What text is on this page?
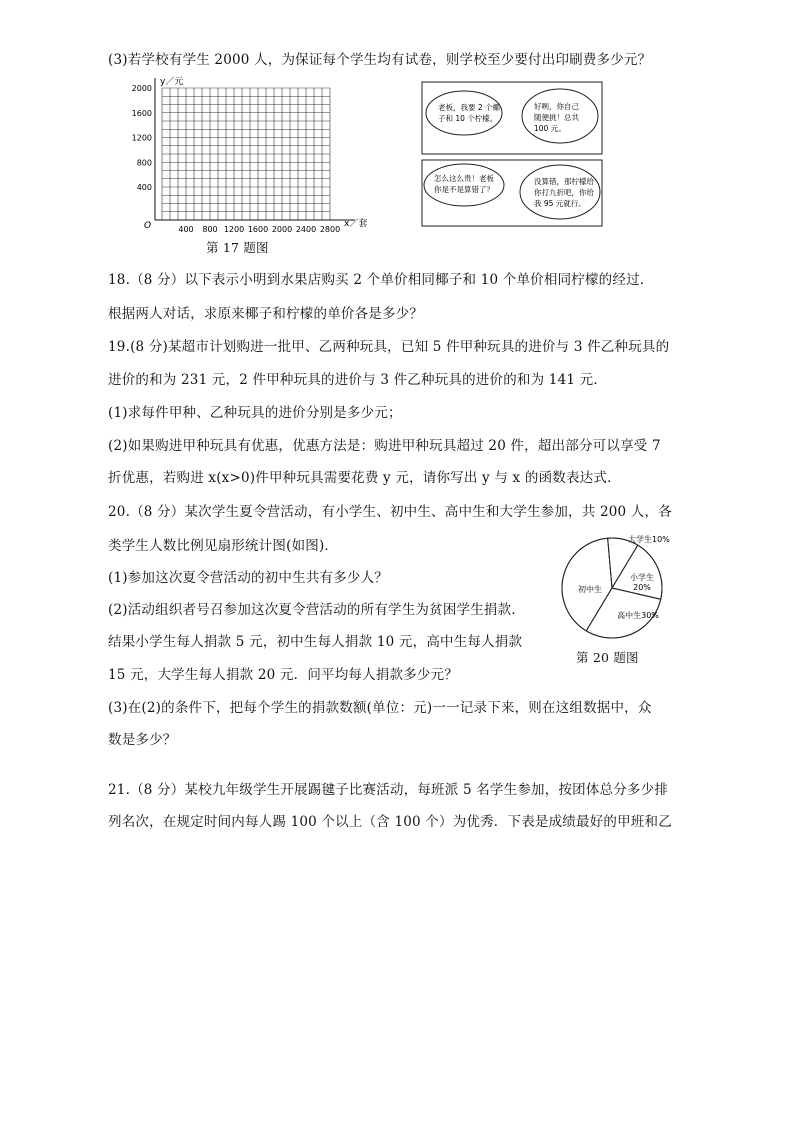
(3)若学校有学生 2000 人，为保证每个学生均有试卷，则学校至少要付出印刷费多少元？
y／元
x／套
O
2000
1600
1200
800
400
400 800 1200 1600 2000 2400 2800
第 17 题图
老板，我要 2 个椰
子和 10 个柠檬。
好咧，你自己
随便挑！总共
100 元。
怎么这么贵！老板
你是不是算错了？
没算错，那柠檬给
你打九折吧，你给
我 95 元就行。
18.（8 分）以下表示小明到水果店购买 2 个单价相同椰子和 10 个单价相同柠檬的经过．
根据两人对话，求原来椰子和柠檬的单价各是多少？
19.(8 分)某超市计划购进一批甲、乙两种玩具，已知 5 件甲种玩具的进价与 3 件乙种玩具的
进价的和为 231 元，2 件甲种玩具的进价与 3 件乙种玩具的进价的和为 141 元．
(1)求每件甲种、乙种玩具的进价分别是多少元；
(2)如果购进甲种玩具有优惠，优惠方法是：购进甲种玩具超过 20 件，超出部分可以享受 7
折优惠，若购进 x(x>0)件甲种玩具需要花费 y 元，请你写出 y 与 x 的函数表达式．
20.（8 分）某次学生夏令营活动，有小学生、初中生、高中生和大学生参加，共 200 人，各
类学生人数比例见扇形统计图(如图)．
(1)参加这次夏令营活动的初中生共有多少人？
(2)活动组织者号召参加这次夏令营活动的所有学生为贫困学生捐款．
结果小学生每人捐款 5 元，初中生每人捐款 10 元，高中生每人捐款
15 元，大学生每人捐款 20 元．问平均每人捐款多少元？
(3)在(2)的条件下，把每个学生的捐款数额(单位：元)一一记录下来，则在这组数据中，众
数是多少？
大学生10%
小学生 20%
高中生30%
初中生
第 20 题图
21.（8 分）某校九年级学生开展踢毽子比赛活动，每班派 5 名学生参加，按团体总分多少排
列名次，在规定时间内每人踢 100 个以上（含 100 个）为优秀．下表是成绩最好的甲班和乙
